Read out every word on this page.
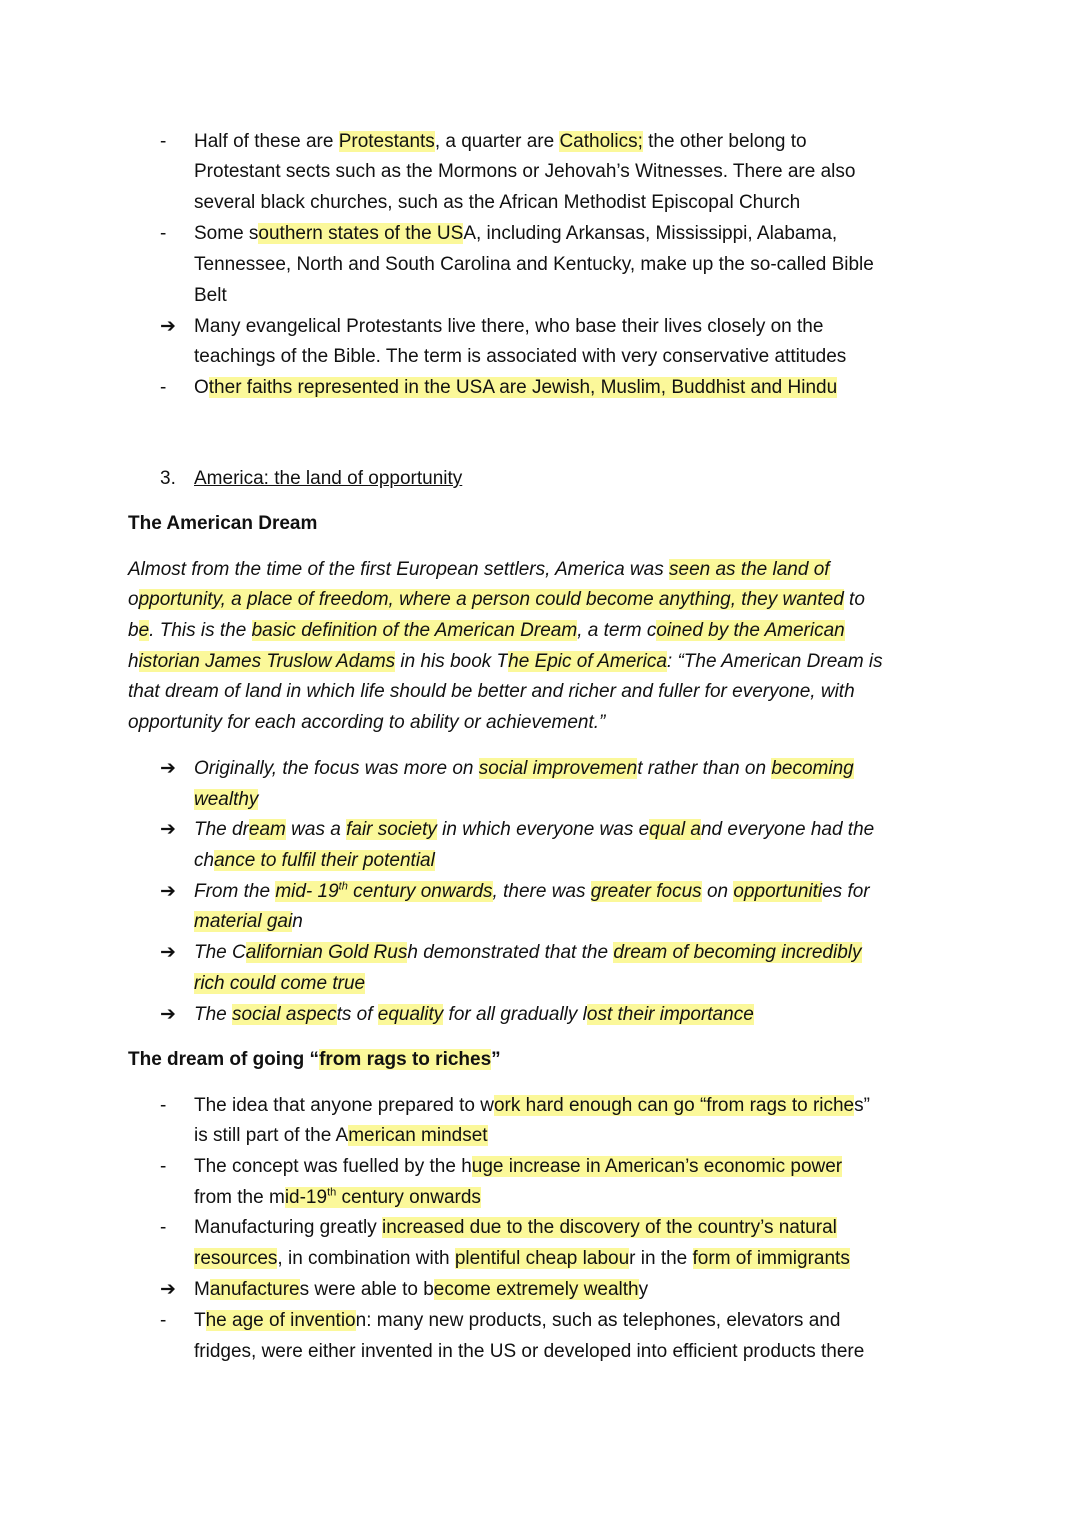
- Half of these are Protestants, a quarter are Catholics; the other belong to
Protestant sects such as the Mormons or Jehovah’s Witnesses. There are also
several black churches, such as the African Methodist Episcopal Church
- Some southern states of the USA, including Arkansas, Mississippi, Alabama,
Tennessee, North and South Carolina and Kentucky, make up the so-called Bible
Belt
➔ Many evangelical Protestants live there, who base their lives closely on the
teachings of the Bible. The term is associated with very conservative attitudes
- Other faiths represented in the USA are Jewish, Muslim, Buddhist and Hindu
3. America: the land of opportunity
The American Dream
Almost from the time of the first European settlers, America was seen as the land of
opportunity, a place of freedom, where a person could become anything, they wanted to
be. This is the basic definition of the American Dream, a term coined by the American
historian James Truslow Adams in his book The Epic of America: “The American Dream is
that dream of land in which life should be better and richer and fuller for everyone, with
opportunity for each according to ability or achievement.”
➔ Originally, the focus was more on social improvement rather than on becoming
wealthy
➔ The dream was a fair society in which everyone was equal and everyone had the
chance to fulfil their potential
➔ From the mid- 19th century onwards, there was greater focus on opportunities for
material gain
➔ The Californian Gold Rush demonstrated that the dream of becoming incredibly
rich could come true
➔ The social aspects of equality for all gradually lost their importance
The dream of going “from rags to riches”
- The idea that anyone prepared to work hard enough can go “from rags to riches”
is still part of the American mindset
- The concept was fuelled by the huge increase in American’s economic power
from the mid-19th century onwards
- Manufacturing greatly increased due to the discovery of the country’s natural
resources, in combination with plentiful cheap labour in the form of immigrants
➔ Manufactures were able to become extremely wealthy
- The age of invention: many new products, such as telephones, elevators and
fridges, were either invented in the US or developed into efficient products there
